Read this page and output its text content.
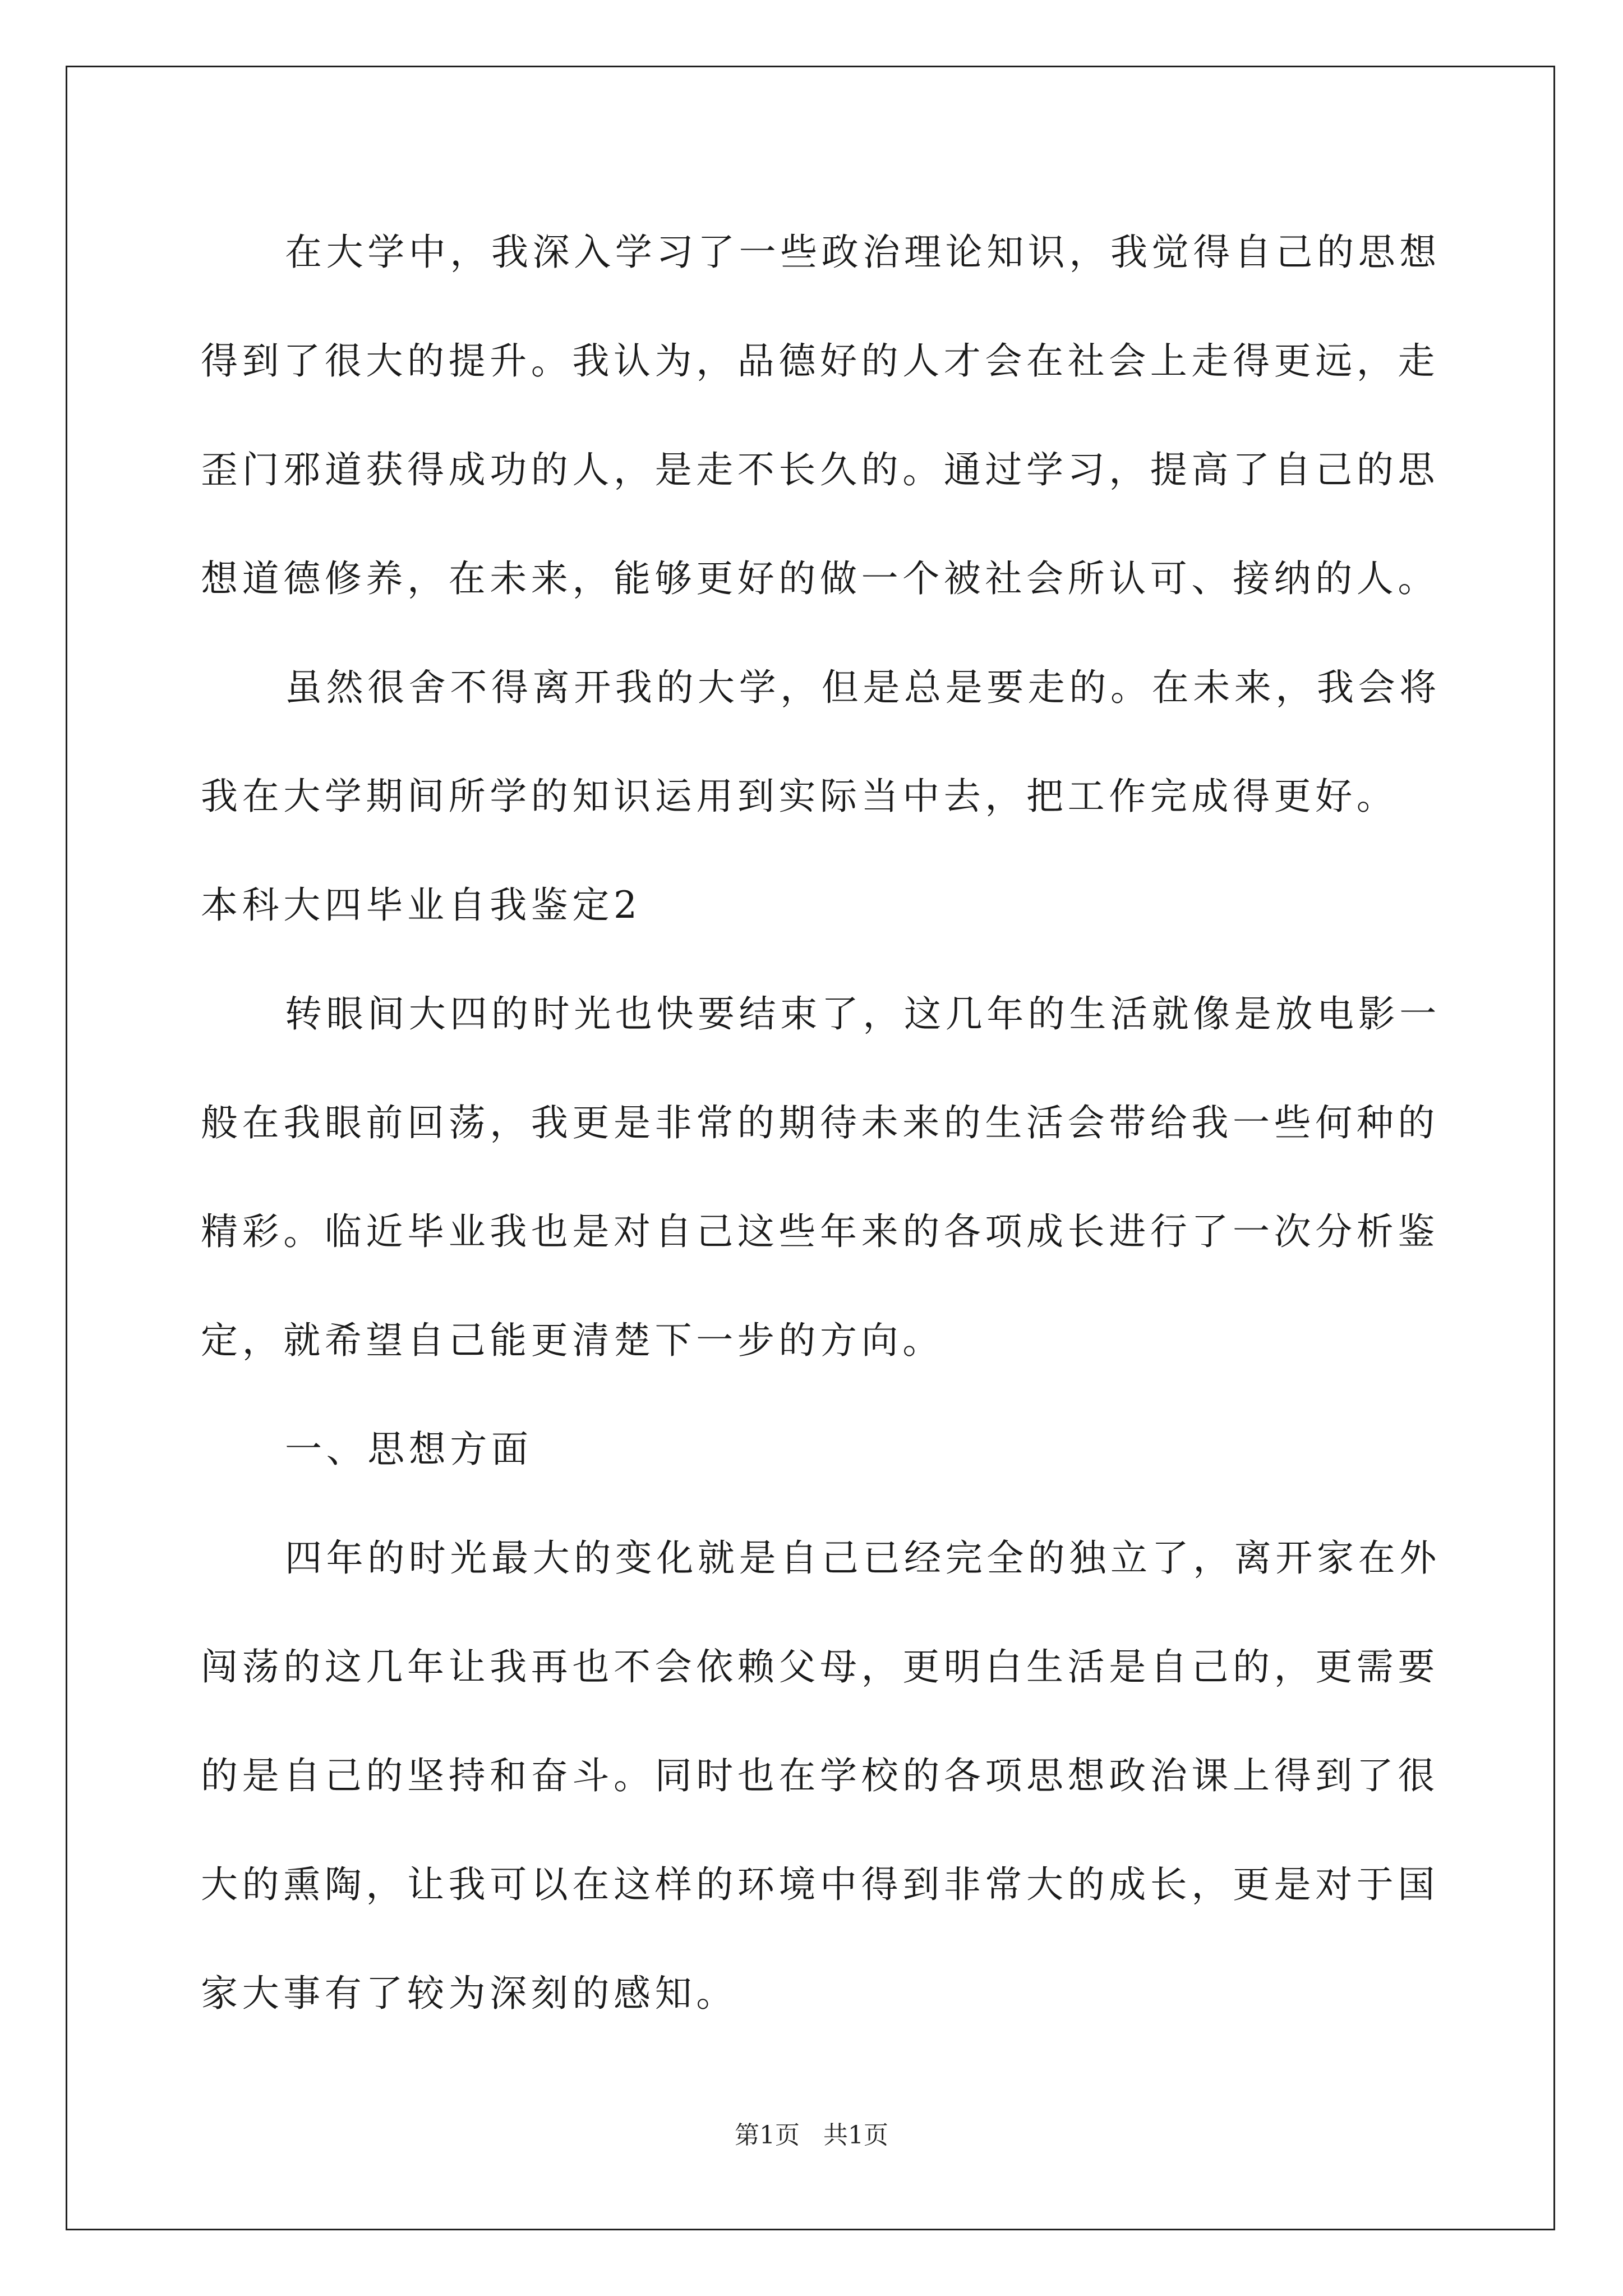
在大学中，我深入学习了一些政治理论知识，我觉得自己的思想
得到了很大的提升。我认为，品德好的人才会在社会上走得更远，走
歪门邪道获得成功的人，是走不长久的。通过学习，提高了自己的思
想道德修养，在未来，能够更好的做一个被社会所认可、接纳的人。
虽然很舍不得离开我的大学，但是总是要走的。在未来，我会将
我在大学期间所学的知识运用到实际当中去，把工作完成得更好。
本科大四毕业自我鉴定2
转眼间大四的时光也快要结束了，这几年的生活就像是放电影一
般在我眼前回荡，我更是非常的期待未来的生活会带给我一些何种的
精彩。临近毕业我也是对自己这些年来的各项成长进行了一次分析鉴
定，就希望自己能更清楚下一步的方向。
一、思想方面
四年的时光最大的变化就是自己已经完全的独立了，离开家在外
闯荡的这几年让我再也不会依赖父母，更明白生活是自己的，更需要
的是自己的坚持和奋斗。同时也在学校的各项思想政治课上得到了很
大的熏陶，让我可以在这样的环境中得到非常大的成长，更是对于国
家大事有了较为深刻的感知。
第1页   共1页
